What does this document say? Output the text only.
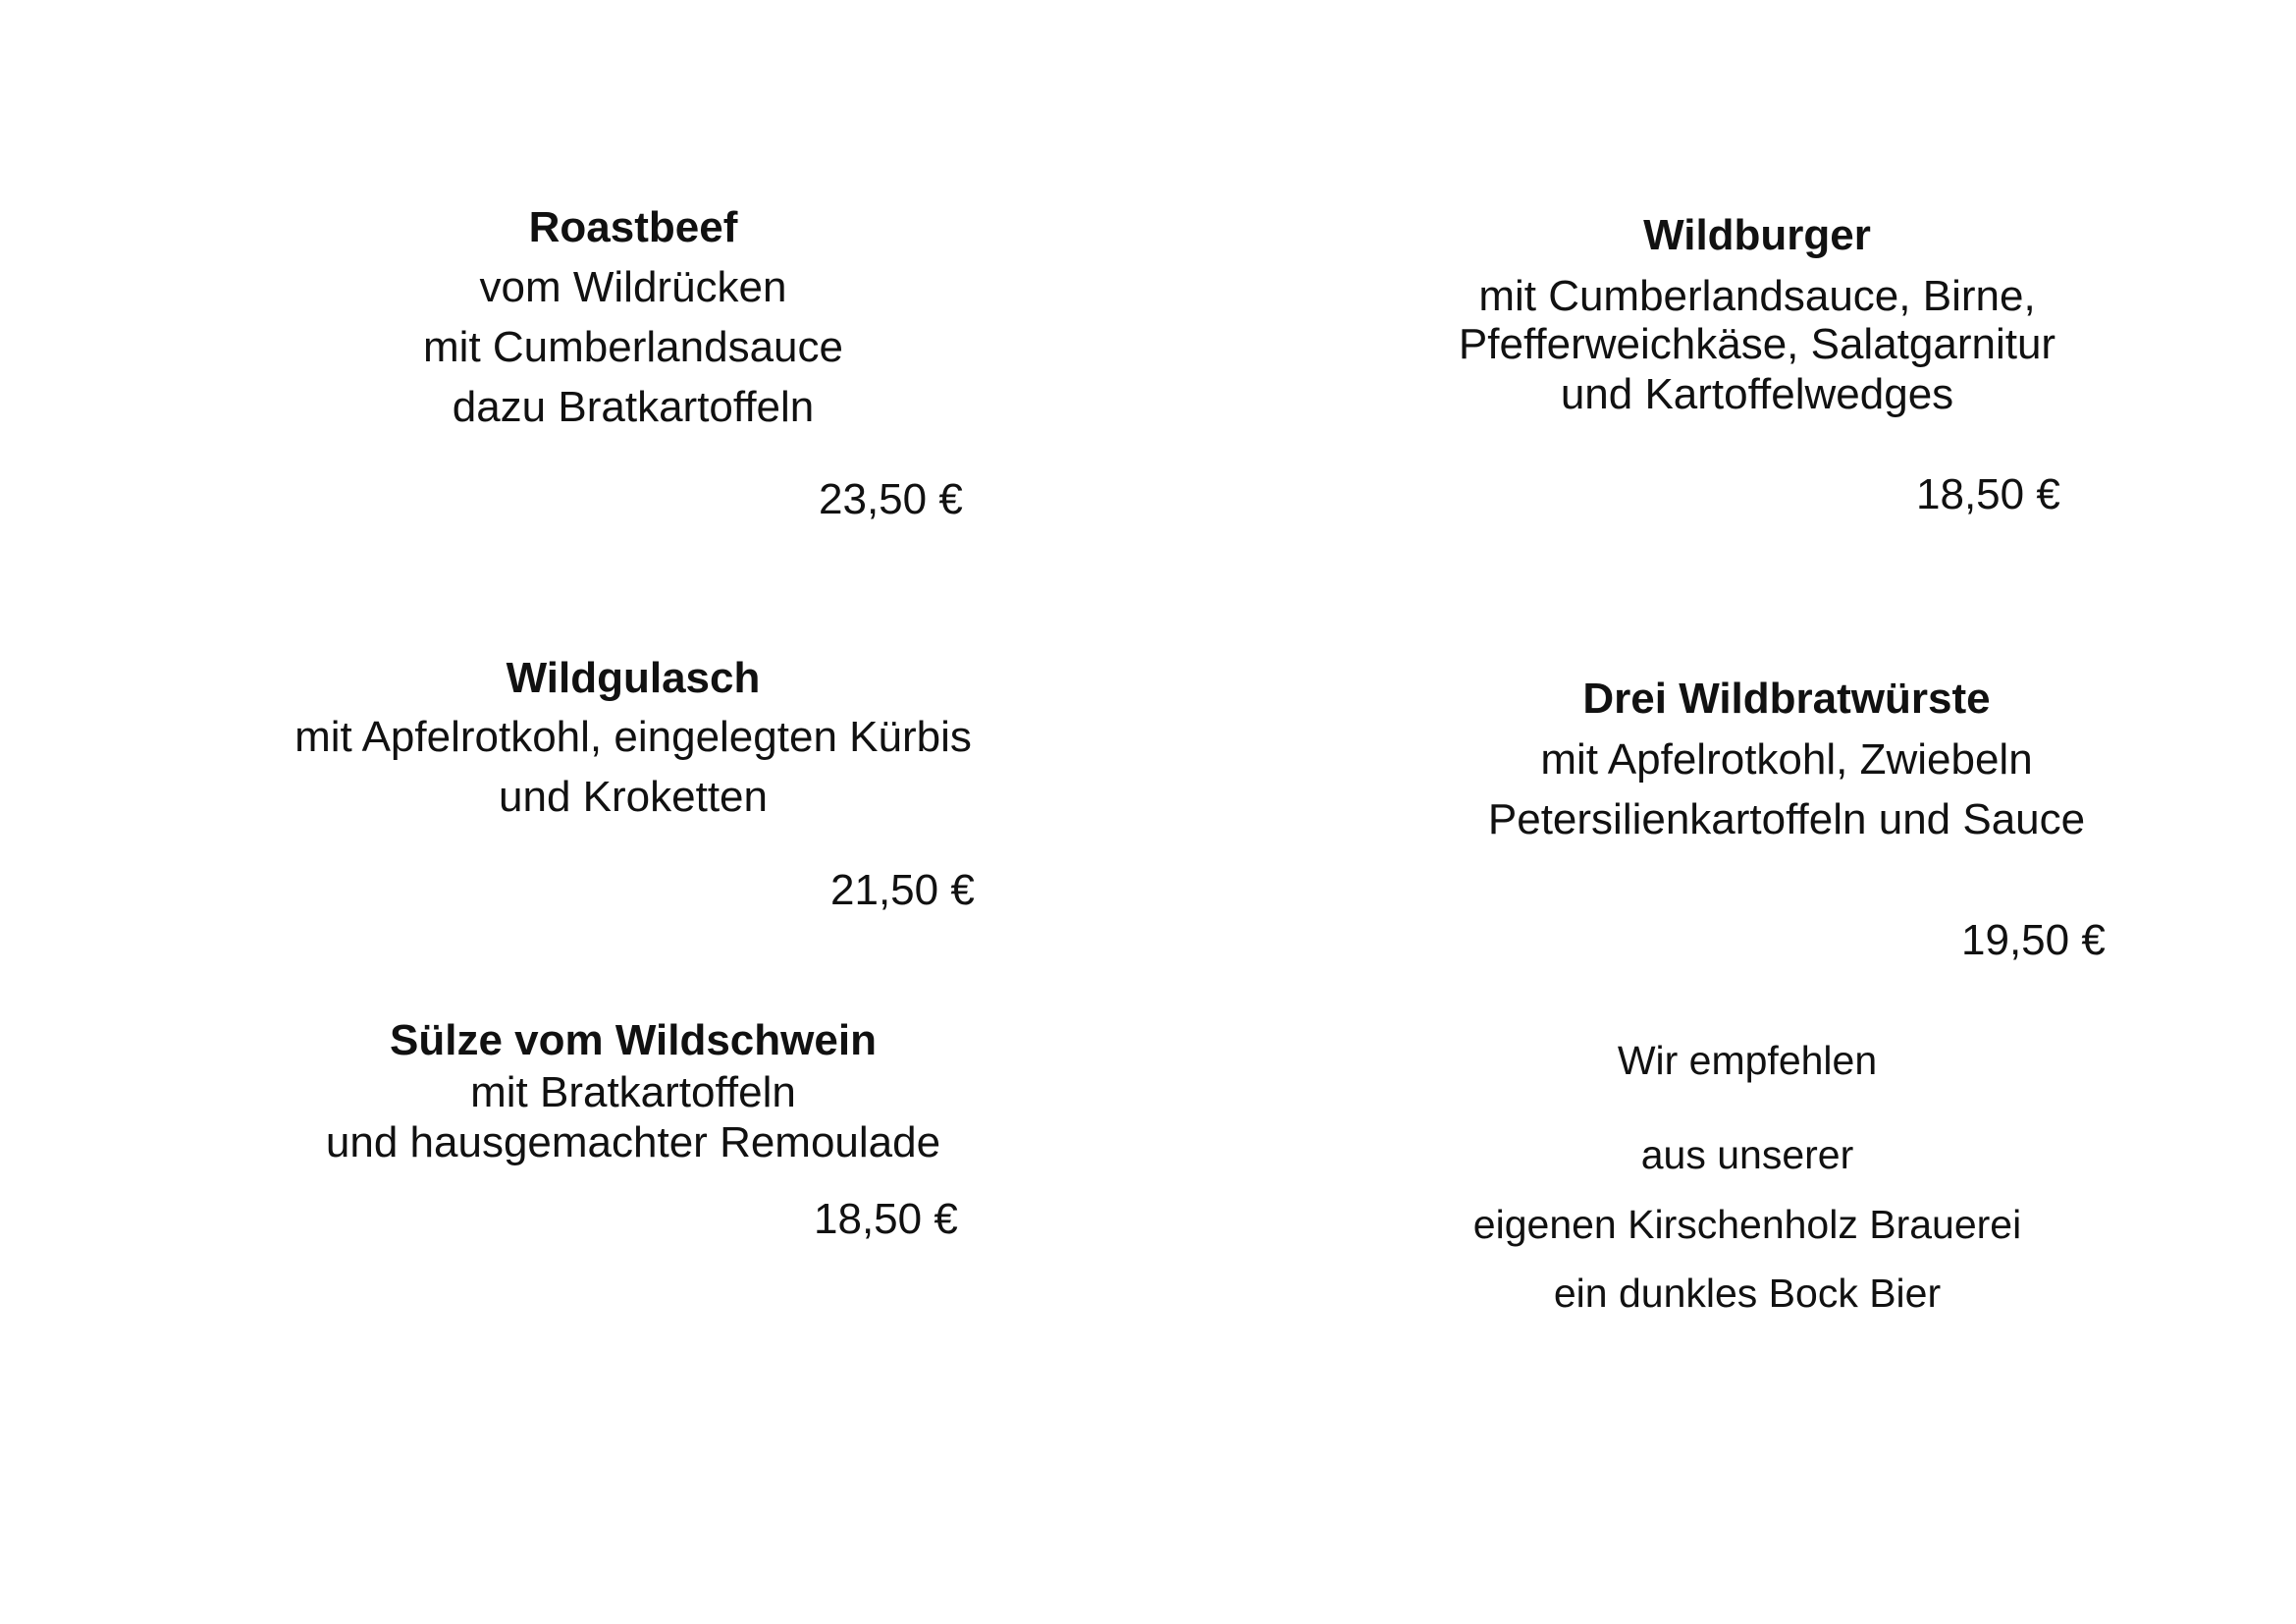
Roastbeef
vom Wildrücken
mit Cumberlandsauce
dazu Bratkartoffeln
23,50 €
Wildburger
mit Cumberlandsauce, Birne,
Pfefferweichkäse, Salatgarnitur
und Kartoffelwedges
18,50 €
Wildgulasch
mit Apfelrotkohl, eingelegten Kürbis
und Kroketten
21,50 €
Drei Wildbratwürste
mit Apfelrotkohl, Zwiebeln
Petersilienkartoffeln und Sauce
19,50 €
Sülze vom Wildschwein
mit Bratkartoffeln
und hausgemachter Remoulade
18,50 €
Wir empfehlen
aus unserer
eigenen Kirschenholz Brauerei
ein dunkles Bock Bier
